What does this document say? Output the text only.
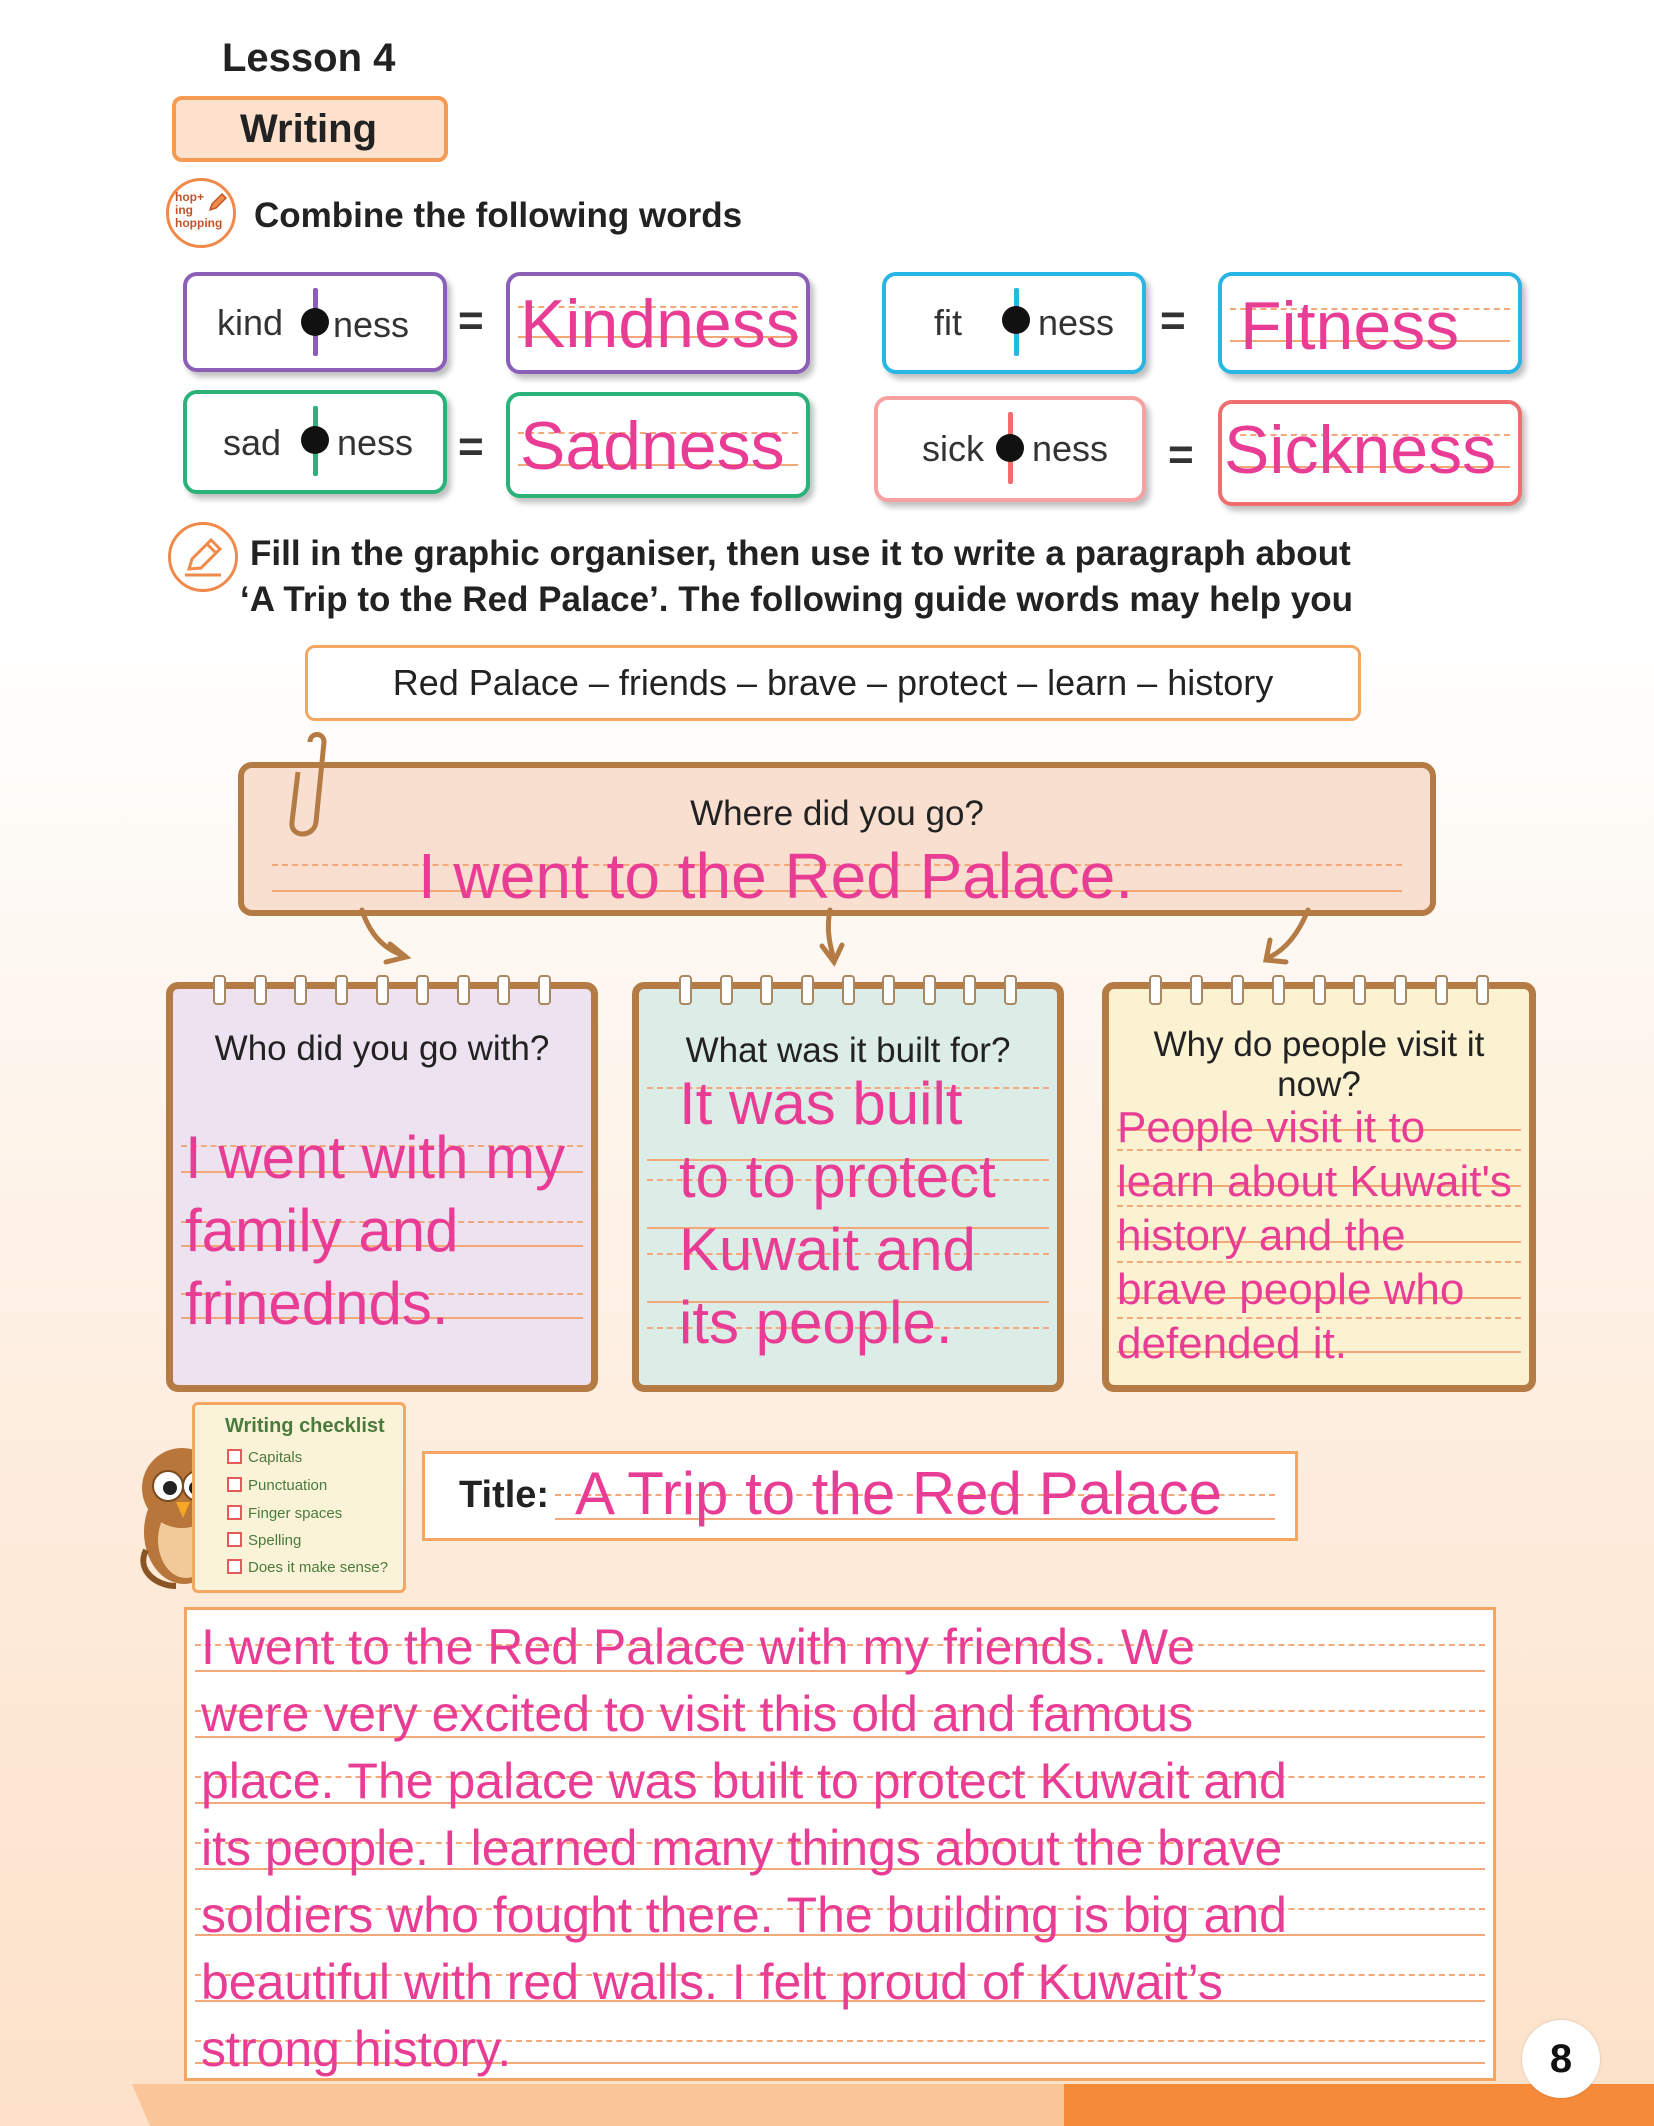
Lesson 4
Writing
hop+ ing hopping Combine the following words
kind ness = Kindness	fit ness = Fitness
sad ness = Sadness	sick ness = Sickness
Fill in the graphic organiser, then use it to write a paragraph about
‘A Trip to the Red Palace’. The following guide words may help you
Red Palace – friends – brave – protect – learn – history
Where did you go?
I went to the Red Palace.
Who did you go with?
I went with my
family and
frinednds.
What was it built for?
It was built
to to protect
Kuwait and
its people.
Why do people visit it
now?
People visit it to
learn about Kuwait's
history and the
brave people who
defended it.
Writing checklist
Capitals
Punctuation
Finger spaces
Spelling
Does it make sense?
Title: A Trip to the Red Palace
I went to the Red Palace with my friends. We
were very excited to visit this old and famous
place. The palace was built to protect Kuwait and
its people. I learned many things about the brave
soldiers who fought there. The building is big and
beautiful with red walls. I felt proud of Kuwait’s
strong history.	8
